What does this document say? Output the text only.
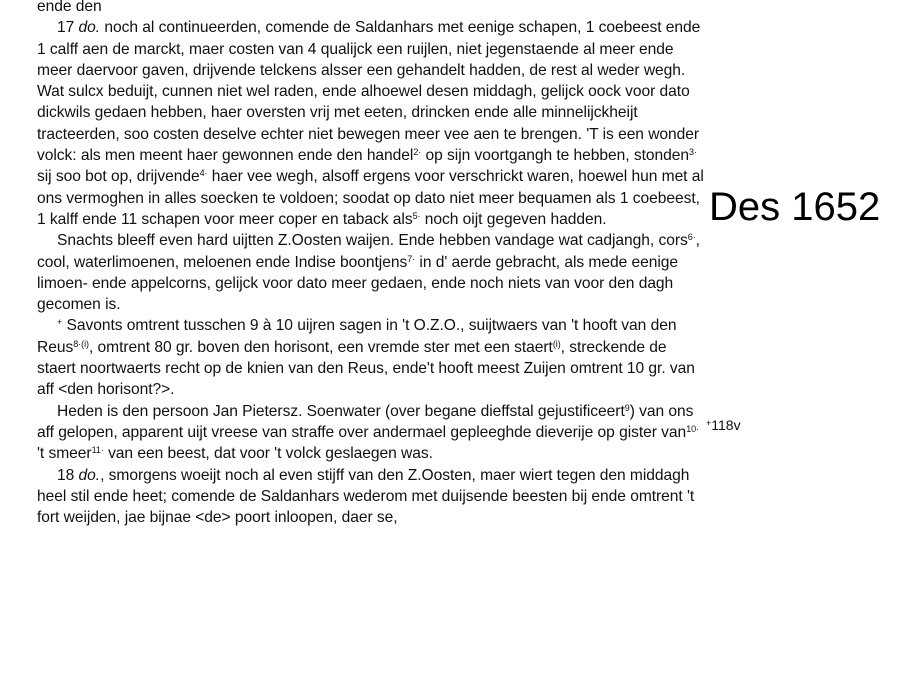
Des 1652
+118v

ende den

17 do. noch al continueerden, comende de Saldanhars met eenige schapen, 1 coebeest ende 1 calff aen de marckt, maer costen van 4 qualijck een ruijlen, niet jegenstaende al meer ende meer daervoor gaven, drijvende telckens alsser een gehandelt hadden, de rest al weder wegh. Wat sulcx beduijt, cunnen niet wel raden, ende alhoewel desen middagh, gelijck oock voor dato dickwils gedaen hebben, haer oversten vrij met eeten, drincken ende alle minnelijckheijt tracteerden, soo costen deselve echter niet bewegen meer vee aen te brengen. 'T is een wonder volck: als men meent haer gewonnen ende den handel$^{2\cdot}$ op sijn voortgangh te hebben, stonden$^{3\cdot}$ sij soo bot op, drijvende$^{4\cdot}$ haer vee wegh, alsoff ergens voor verschrickt waren, hoewel hun met al ons vermoghen in alles soecken te voldoen; soodat op dato niet meer bequamen als 1 coebeest, 1 kalff ende 11 schapen voor meer coper en taback als$^{5\cdot}$ noch oijt gegeven hadden.

Snachts bleeff even hard uijtten Z.Oosten waijen. Ende hebben vandage wat cadjangh, cors$^{6\cdot}$, cool, waterlimoenen, meloenen ende Indise boontjens$^{7\cdot}$ in d' aerde gebracht, als mede eenige limoen- ende appelcorns, gelijck voor dato meer gedaen, ende noch niets van voor den dagh gecomen is.

+ Savonts omtrent tusschen 9 à 10 uijren sagen in 't O.Z.O., suijtwaers van 't hooft van den Reus$^{8\cdot(i)}$, omtrent 80 gr. boven den horisont, een vremde ster met een staert$^{(i)}$, streckende de staert noortwaerts recht op de knien van den Reus, ende't hooft meest Zuijen omtrent 10 gr. van aff <den horisont?>.

Heden is den persoon Jan Pietersz. Soenwater (over begane dieffstal gejustificeert$^9$) van ons aff gelopen, apparent uijt vreese van straffe over andermael gepleeghde dieverije op gister van$^{10\cdot}$ 't smeer$^{11\cdot}$ van een beest, dat voor 't volck geslaegen was.

18 do., smorgens woeijt noch al even stijff van den Z.Oosten, maer wiert tegen den middagh heel stil ende heet; comende de Saldanhars wederom met duijsende beesten bij ende omtrent 't fort weijden, jae bijnae <de> poort inloopen, daer se,
